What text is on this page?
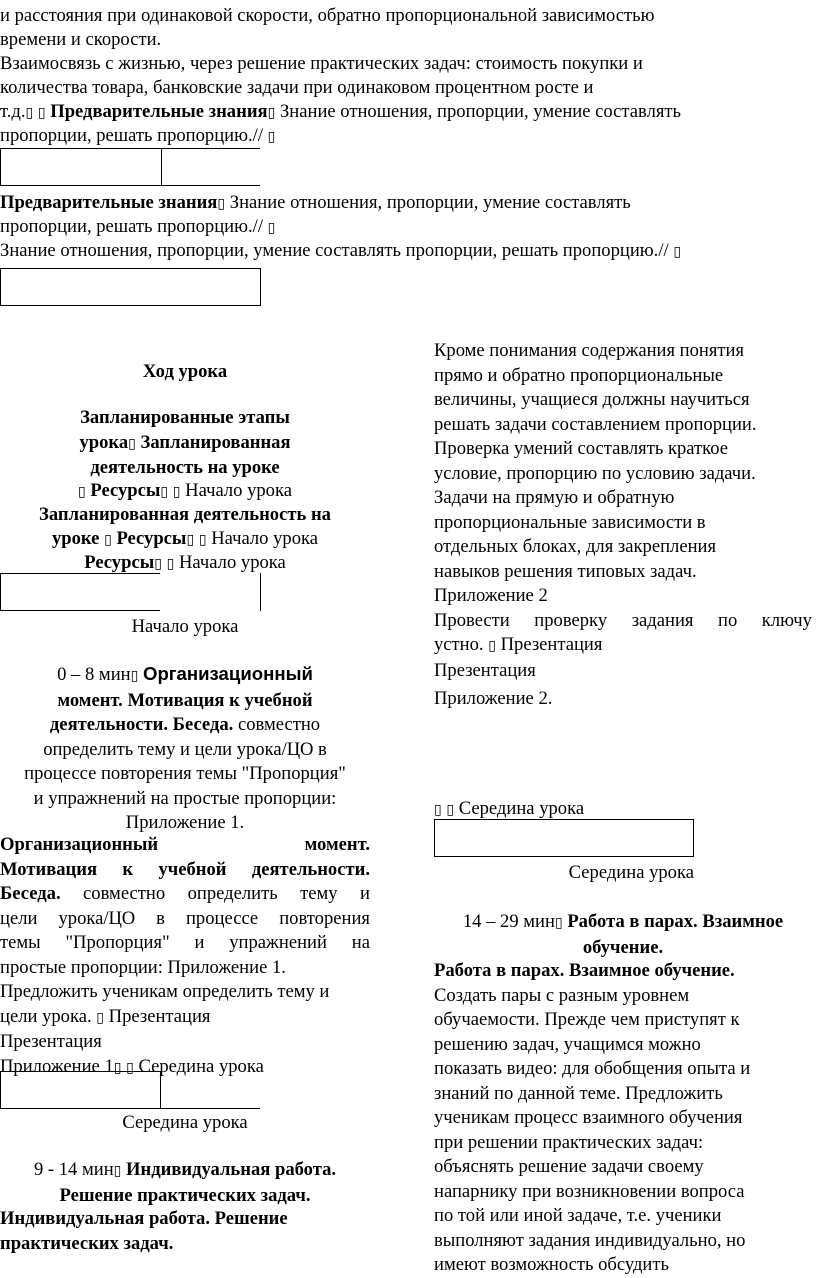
и расстояния при одинаковой скорости, обратно пропорциональной зависимостью
времени и скорости.
Взаимосвязь с жизнью, через решение практических задач: стоимость покупки и
количества товара, банковские задачи при одинаковом процентном росте и
т.д.▯ ▯ Предварительные знания▯ Знание отношения, пропорции, умение составлять
пропорции, решать пропорцию.// ▯
Предварительные знания▯ Знание отношения, пропорции, умение составлять
пропорции, решать пропорцию.// ▯
Знание отношения, пропорции, умение составлять пропорции, решать пропорцию.// ▯
Ход урока
Запланированные этапы
урока▯ Запланированная
деятельность на уроке
▯ Ресурсы▯ ▯ Начало урока
Запланированная деятельность на
уроке ▯ Ресурсы▯ ▯ Начало урока
Ресурсы▯ ▯ Начало урока
Начало урока
0 – 8 мин▯ Организационный
момент. Мотивация к учебной
деятельности. Беседа. совместно
определить тему и цели урока/ЦО в
процессе повторения темы "Пропорция"
и упражнений на простые пропорции:
Приложение 1.
Организационный	момент.
Мотивация к учебной деятельности.
Беседа. совместно определить тему и
цели урока/ЦО в процессе повторения
темы "Пропорция" и упражнений на
простые пропорции: Приложение 1.
Предложить ученикам определить тему и
цели урока. ▯ Презентация
Презентация
Приложение 1▯ ▯ Середина урока
Середина урока
9 - 14 мин▯ Индивидуальная работа.
Решение практических задач.
Индивидуальная работа. Решение
практических задач.
Кроме понимания содержания понятия
прямо и обратно пропорциональные
величины, учащиеся должны научиться
решать задачи составлением пропорции.
Проверка умений составлять краткое
условие, пропорцию по условию задачи.
Задачи на прямую и обратную
пропорциональные зависимости в
отдельных блоках, для закрепления
навыков решения типовых задач.
Приложение 2
Провести проверку задания по ключу
устно. ▯ Презентация
Презентация
Приложение 2.
▯ ▯ Середина урока
Середина урока
14 – 29 мин▯ Работа в парах. Взаимное
обучение.
Работа в парах. Взаимное обучение.
Создать пары с разным уровнем
обучаемости. Прежде чем приступят к
решению задач, учащимся можно
показать видео: для обобщения опыта и
знаний по данной теме. Предложить
ученикам процесс взаимного обучения
при решении практических задач:
объяснять решение задачи своему
напарнику при возникновении вопроса
по той или иной задаче, т.е. ученики
выполняют задания индивидуально, но
имеют возможность обсудить
